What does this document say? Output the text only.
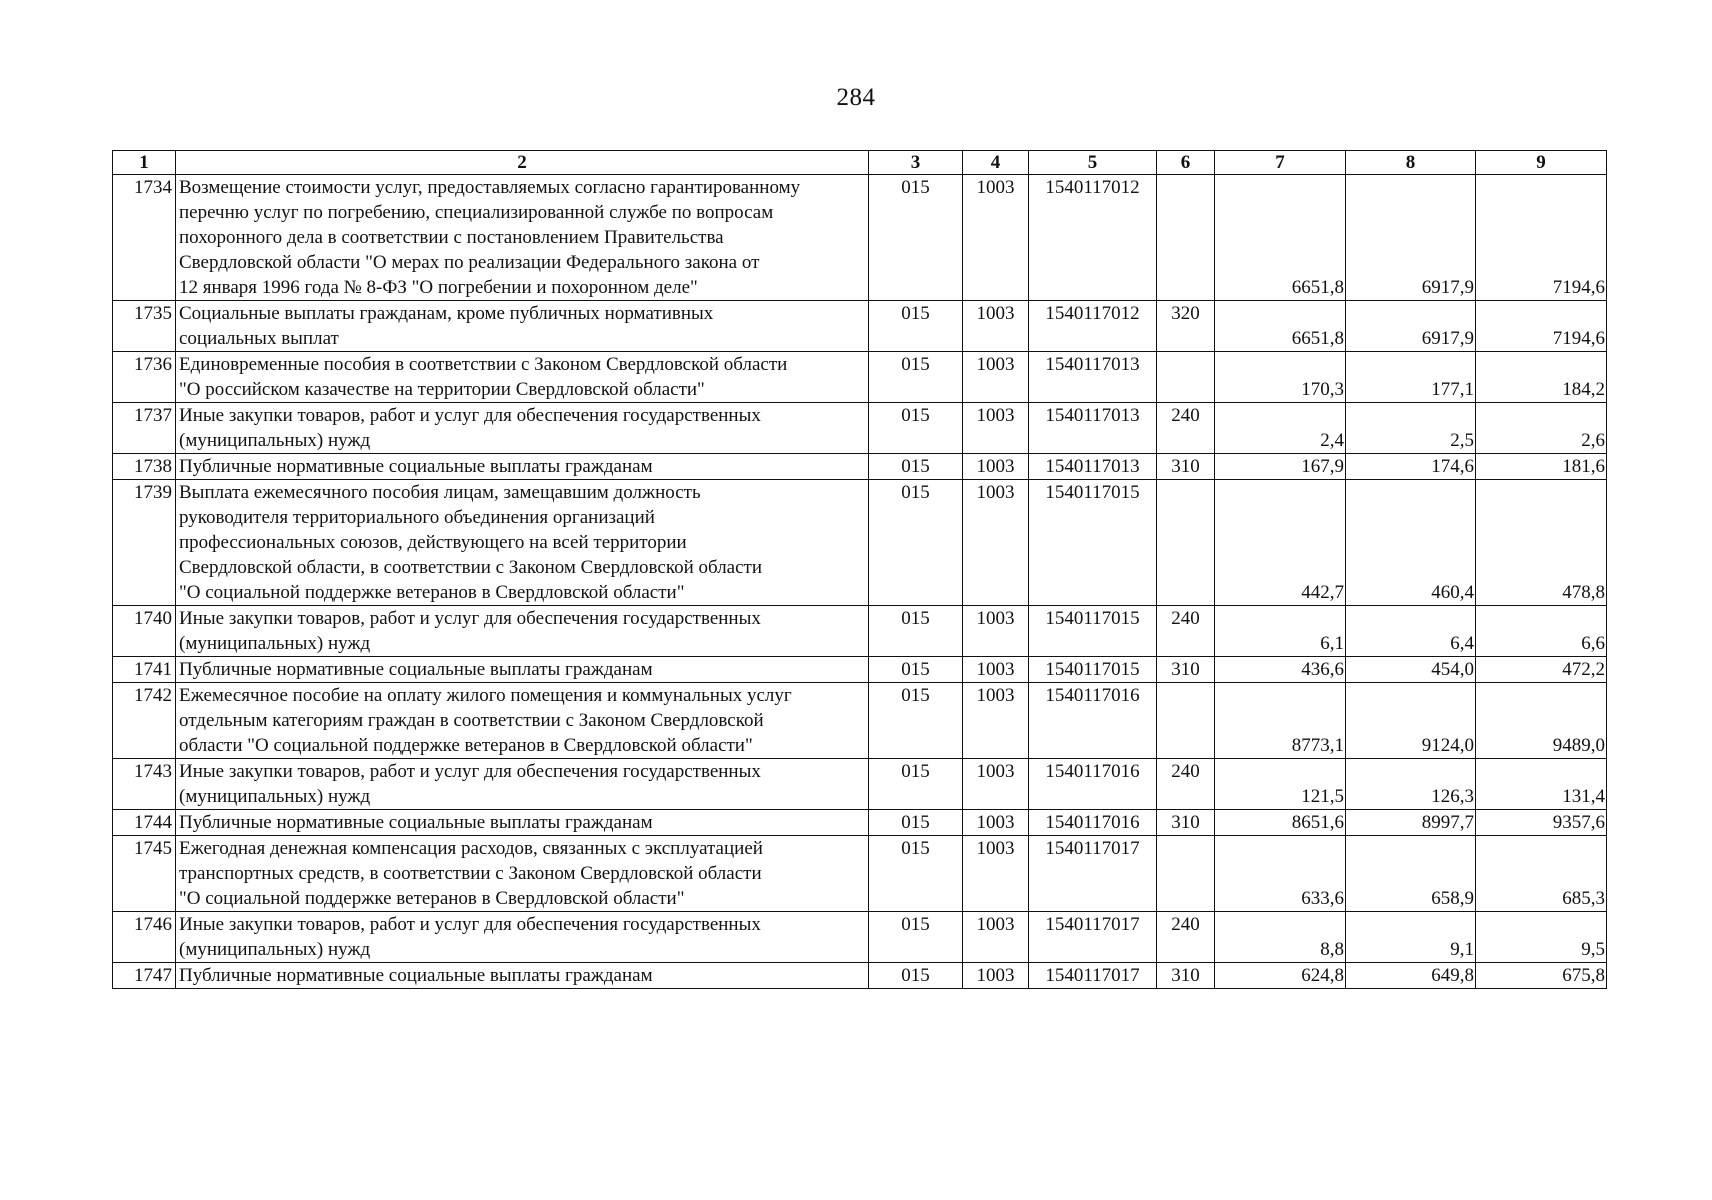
284
1	2	3	4	5	6	7	8	9
1734	Возмещение стоимости услуг, предоставляемых согласно гарантированному
перечню услуг по погребению, специализированной службе по вопросам
похоронного дела в соответствии с постановлением Правительства
Свердловской области "О мерах по реализации Федерального закона от
12 января 1996 года № 8-ФЗ "О погребении и похоронном деле"	015	1003	1540117012		6651,8	6917,9	7194,6
1735	Социальные выплаты гражданам, кроме публичных нормативных
социальных выплат	015	1003	1540117012	320	6651,8	6917,9	7194,6
1736	Единовременные пособия в соответствии с Законом Свердловской области
"О российском казачестве на территории Свердловской области"	015	1003	1540117013		170,3	177,1	184,2
1737	Иные закупки товаров, работ и услуг для обеспечения государственных
(муниципальных) нужд	015	1003	1540117013	240	2,4	2,5	2,6
1738	Публичные нормативные социальные выплаты гражданам	015	1003	1540117013	310	167,9	174,6	181,6
1739	Выплата ежемесячного пособия лицам, замещавшим должность
руководителя территориального объединения организаций
профессиональных союзов, действующего на всей территории
Свердловской области, в соответствии с Законом Свердловской области
"О социальной поддержке ветеранов в Свердловской области"	015	1003	1540117015		442,7	460,4	478,8
1740	Иные закупки товаров, работ и услуг для обеспечения государственных
(муниципальных) нужд	015	1003	1540117015	240	6,1	6,4	6,6
1741	Публичные нормативные социальные выплаты гражданам	015	1003	1540117015	310	436,6	454,0	472,2
1742	Ежемесячное пособие на оплату жилого помещения и коммунальных услуг
отдельным категориям граждан в соответствии с Законом Свердловской
области "О социальной поддержке ветеранов в Свердловской области"	015	1003	1540117016		8773,1	9124,0	9489,0
1743	Иные закупки товаров, работ и услуг для обеспечения государственных
(муниципальных) нужд	015	1003	1540117016	240	121,5	126,3	131,4
1744	Публичные нормативные социальные выплаты гражданам	015	1003	1540117016	310	8651,6	8997,7	9357,6
1745	Ежегодная денежная компенсация расходов, связанных с эксплуатацией
транспортных средств, в соответствии с Законом Свердловской области
"О социальной поддержке ветеранов в Свердловской области"	015	1003	1540117017		633,6	658,9	685,3
1746	Иные закупки товаров, работ и услуг для обеспечения государственных
(муниципальных) нужд	015	1003	1540117017	240	8,8	9,1	9,5
1747	Публичные нормативные социальные выплаты гражданам	015	1003	1540117017	310	624,8	649,8	675,8
